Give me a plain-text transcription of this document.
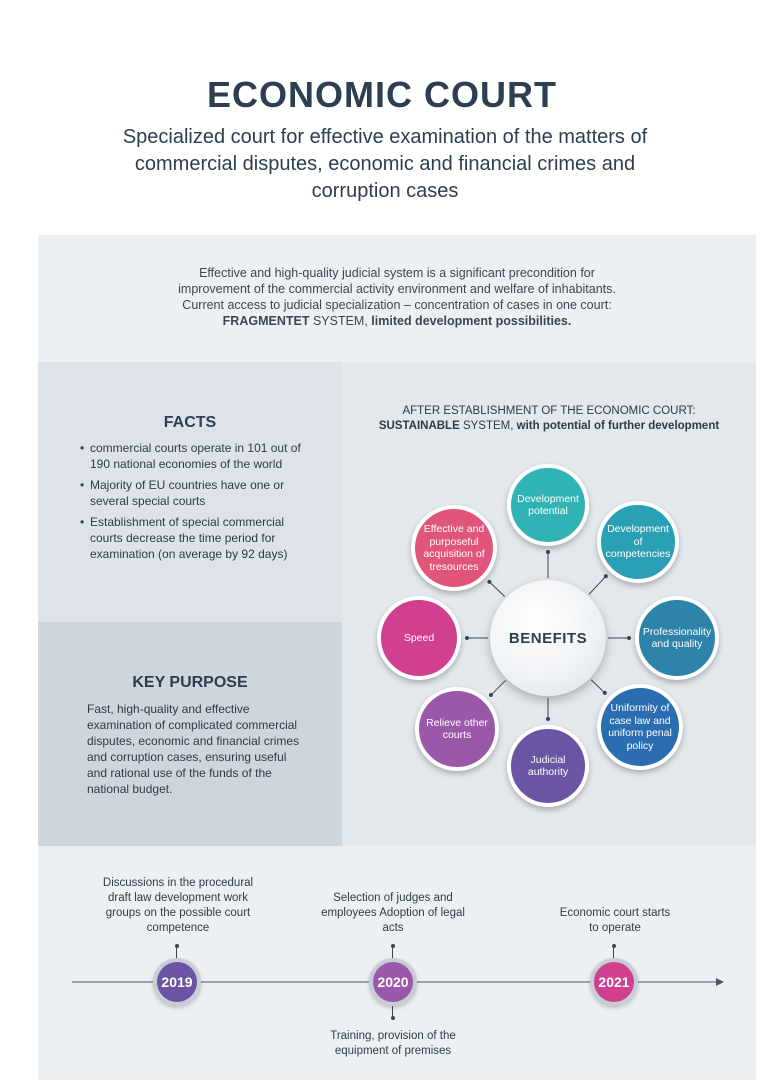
ECONOMIC COURT
Specialized court for effective examination of the matters of commercial disputes, economic and financial crimes and corruption cases
Effective and high-quality judicial system is a significant precondition for
improvement of the commercial activity environment and welfare of inhabitants.
Current access to judicial specialization – concentration of cases in one court:
FRAGMENTET SYSTEM, limited development possibilities.
FACTS
• commercial courts operate in 101 out of 190 national economies of the world
• Majority of EU countries have one or several special courts
• Establishment of special commercial courts decrease the time period for examination (on average by 92 days)
KEY PURPOSE
Fast, high-quality and effective examination of complicated commercial disputes, economic and financial crimes and corruption cases, ensuring useful and rational use of the funds of the national budget.
AFTER ESTABLISHMENT OF THE ECONOMIC COURT:
SUSTAINABLE SYSTEM, with potential of further development
BENEFITS
Development potential
Development of competencies
Professionality and quality
Uniformity of case law and uniform penal policy
Judicial authority
Relieve other courts
Speed
Effective and purposeful acquisition of tresources
Discussions in the procedural draft law development work groups on the possible court competence
2019
Selection of judges and employees Adoption of legal acts
2020
Training, provision of the equipment of premises
Economic court starts to operate
2021
